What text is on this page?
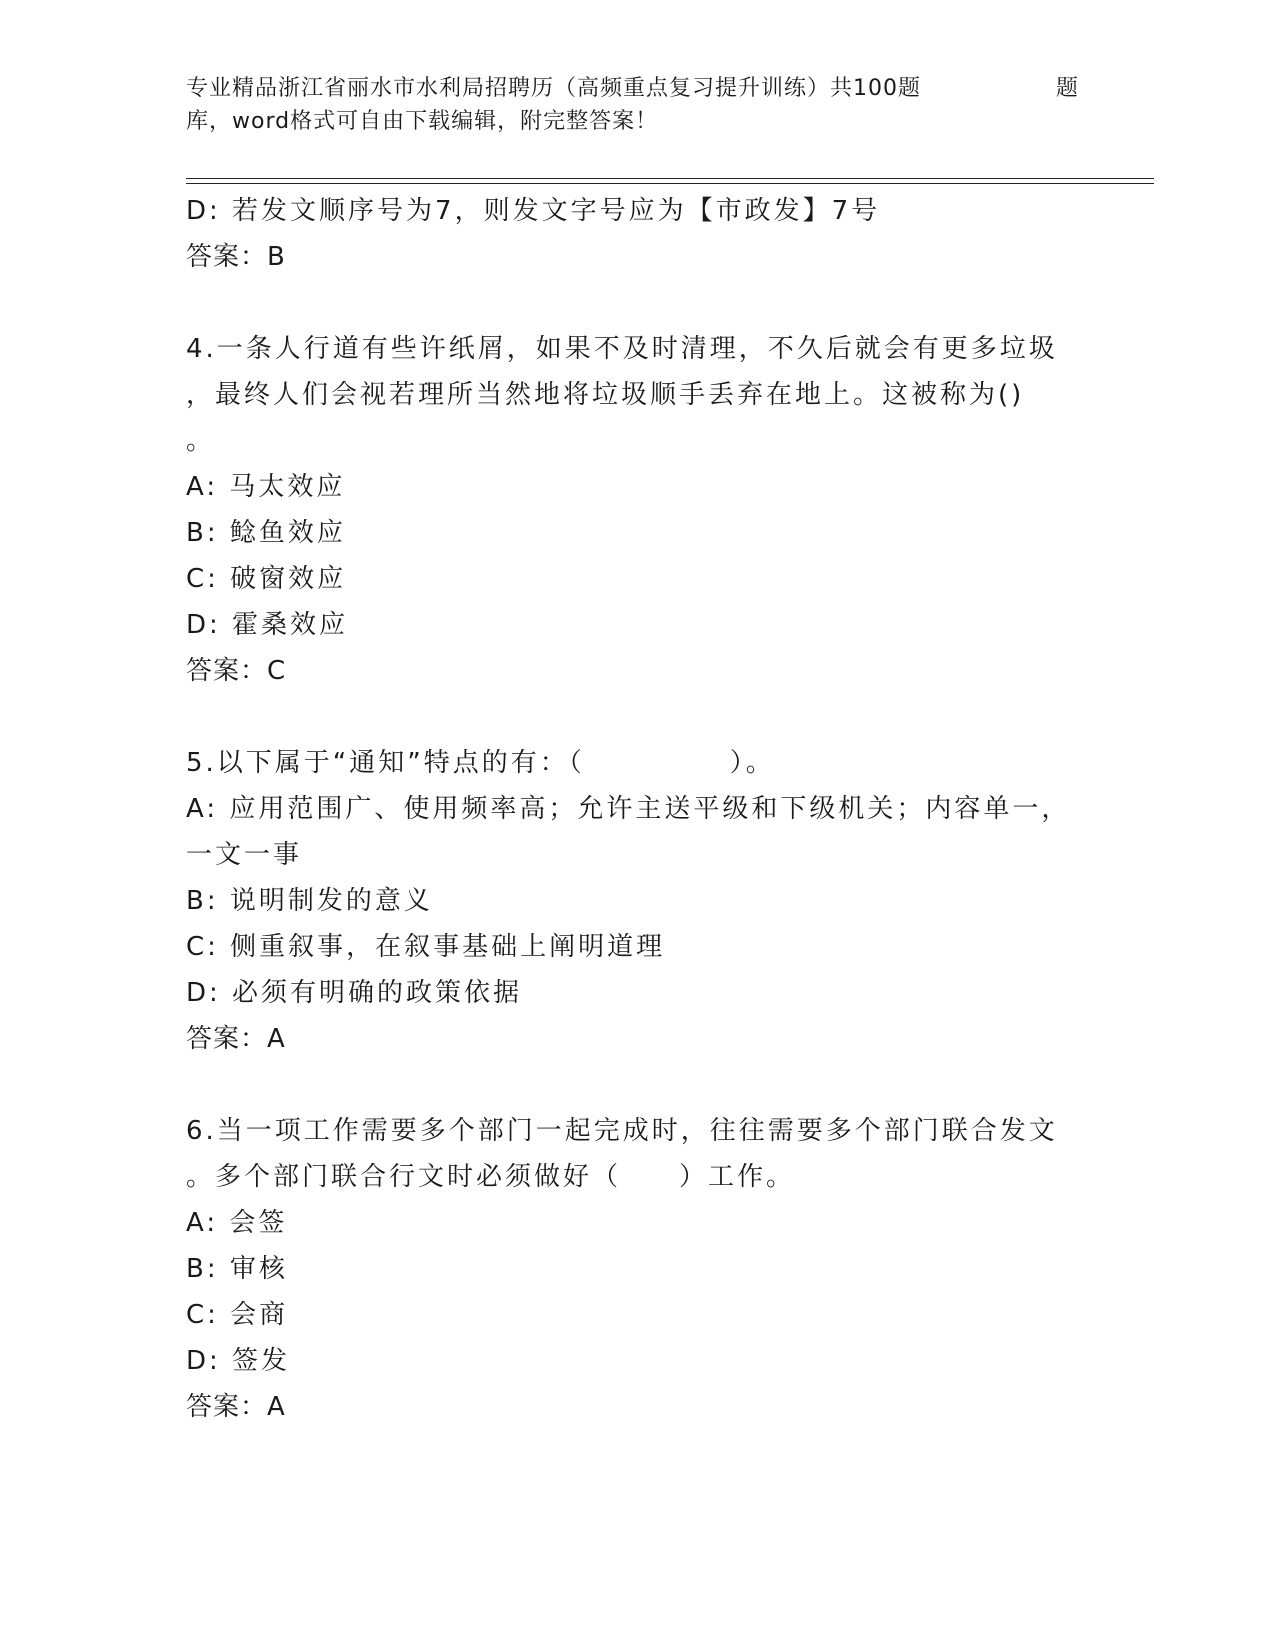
专业精品浙江省丽水市水利局招聘历（高频重点复习提升训练）共100题
库，word格式可自由下载编辑，附完整答案！
题
D: 若发文顺序号为7，则发文字号应为【市政发】7号
答案：B
4.一条人行道有些许纸屑，如果不及时清理，不久后就会有更多垃圾
，最终人们会视若理所当然地将垃圾顺手丢弃在地上。这被称为()
。
A: 马太效应
B: 鲶鱼效应
C: 破窗效应
D: 霍桑效应
答案：C
5.以下属于“通知”特点的有：（　　　　　）。
A: 应用范围广、使用频率高；允许主送平级和下级机关；内容单一，
一文一事
B: 说明制发的意义
C: 侧重叙事，在叙事基础上阐明道理
D: 必须有明确的政策依据
答案：A
6.当一项工作需要多个部门一起完成时，往往需要多个部门联合发文
。多个部门联合行文时必须做好（　　）工作。
A: 会签
B: 审核
C: 会商
D: 签发
答案：A
